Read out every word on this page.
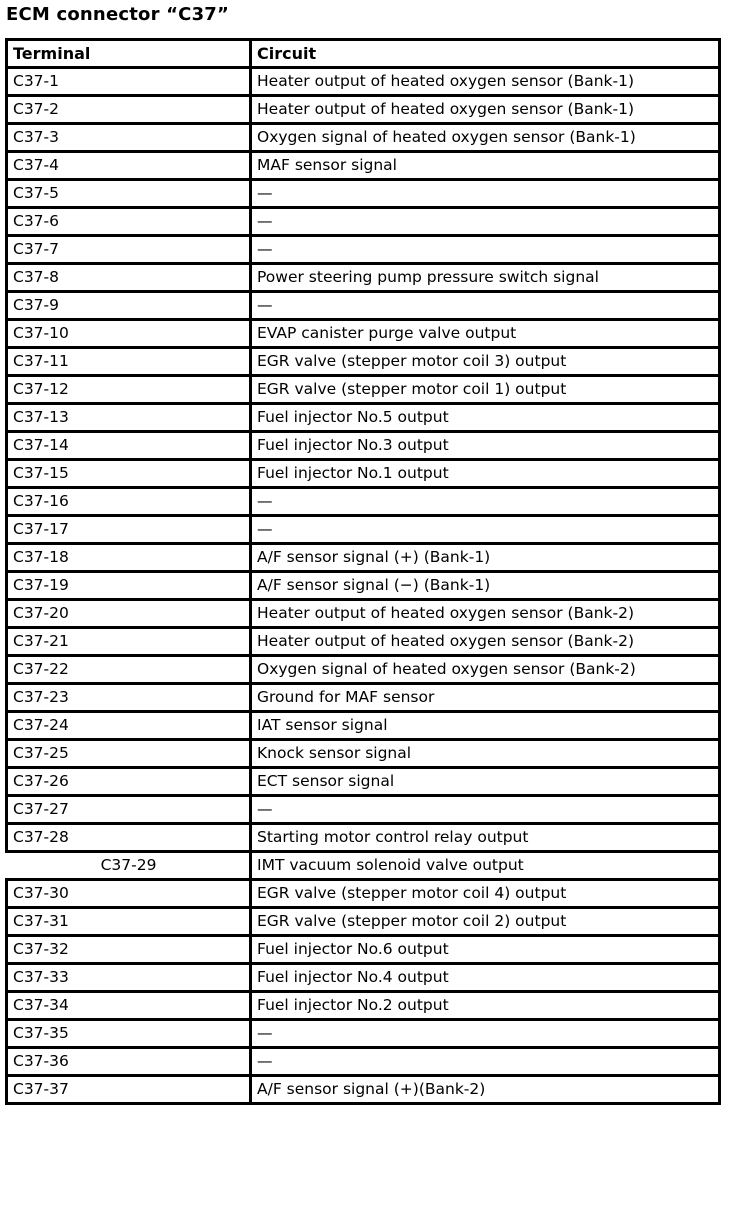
ECM connector “C37”
Terminal	Circuit
C37-1	Heater output of heated oxygen sensor (Bank-1)
C37-2	Heater output of heated oxygen sensor (Bank-1)
C37-3	Oxygen signal of heated oxygen sensor (Bank-1)
C37-4	MAF sensor signal
C37-5	—
C37-6	—
C37-7	—
C37-8	Power steering pump pressure switch signal
C37-9	—
C37-10	EVAP canister purge valve output
C37-11	EGR valve (stepper motor coil 3) output
C37-12	EGR valve (stepper motor coil 1) output
C37-13	Fuel injector No.5 output
C37-14	Fuel injector No.3 output
C37-15	Fuel injector No.1 output
C37-16	—
C37-17	—
C37-18	A/F sensor signal (+) (Bank-1)
C37-19	A/F sensor signal (−) (Bank-1)
C37-20	Heater output of heated oxygen sensor (Bank-2)
C37-21	Heater output of heated oxygen sensor (Bank-2)
C37-22	Oxygen signal of heated oxygen sensor (Bank-2)
C37-23	Ground for MAF sensor
C37-24	IAT sensor signal
C37-25	Knock sensor signal
C37-26	ECT sensor signal
C37-27	—
C37-28	Starting motor control relay output
C37-29	IMT vacuum solenoid valve output
C37-30	EGR valve (stepper motor coil 4) output
C37-31	EGR valve (stepper motor coil 2) output
C37-32	Fuel injector No.6 output
C37-33	Fuel injector No.4 output
C37-34	Fuel injector No.2 output
C37-35	—
C37-36	—
C37-37	A/F sensor signal (+)(Bank-2)
